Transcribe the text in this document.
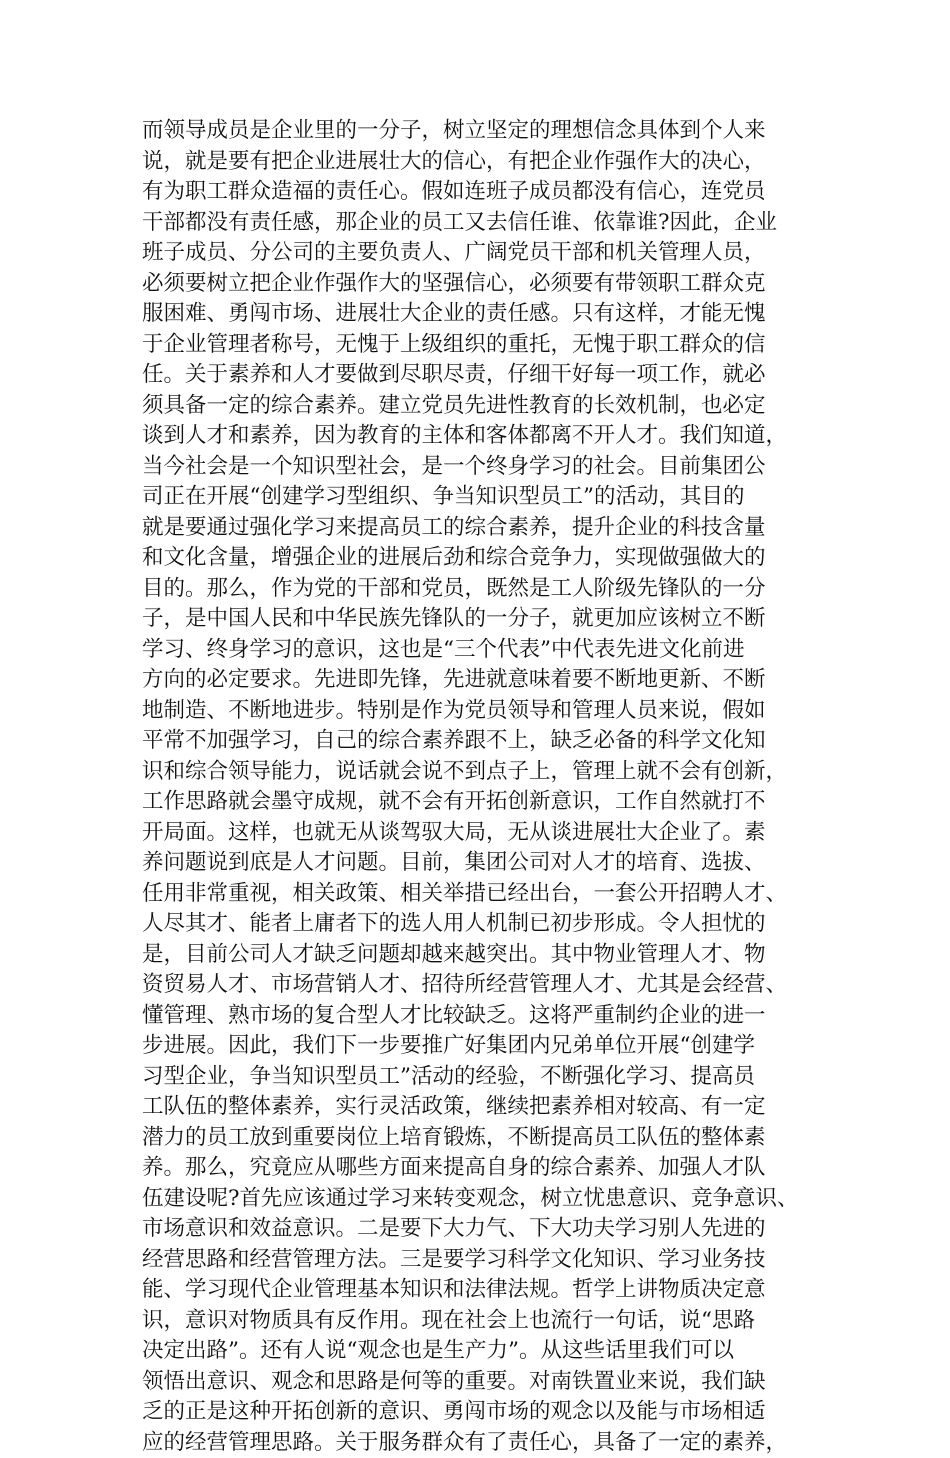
而领导成员是企业里的一分子，树立坚定的理想信念具体到个人来
说，就是要有把企业进展壮大的信心，有把企业作强作大的决心，
有为职工群众造福的责任心。假如连班子成员都没有信心，连党员
干部都没有责任感，那企业的员工又去信任谁、依靠谁?因此，企业
班子成员、分公司的主要负责人、广阔党员干部和机关管理人员，
必须要树立把企业作强作大的坚强信心，必须要有带领职工群众克
服困难、勇闯市场、进展壮大企业的责任感。只有这样，才能无愧
于企业管理者称号，无愧于上级组织的重托，无愧于职工群众的信
任。关于素养和人才要做到尽职尽责，仔细干好每一项工作，就必
须具备一定的综合素养。建立党员先进性教育的长效机制，也必定
谈到人才和素养，因为教育的主体和客体都离不开人才。我们知道，
当今社会是一个知识型社会，是一个终身学习的社会。目前集团公
司正在开展“创建学习型组织、争当知识型员工”的活动，其目的
就是要通过强化学习来提高员工的综合素养，提升企业的科技含量
和文化含量，增强企业的进展后劲和综合竞争力，实现做强做大的
目的。那么，作为党的干部和党员，既然是工人阶级先锋队的一分
子，是中国人民和中华民族先锋队的一分子，就更加应该树立不断
学习、终身学习的意识，这也是“三个代表”中代表先进文化前进
方向的必定要求。先进即先锋，先进就意味着要不断地更新、不断
地制造、不断地进步。特别是作为党员领导和管理人员来说，假如
平常不加强学习，自己的综合素养跟不上，缺乏必备的科学文化知
识和综合领导能力，说话就会说不到点子上，管理上就不会有创新，
工作思路就会墨守成规，就不会有开拓创新意识，工作自然就打不
开局面。这样，也就无从谈驾驭大局，无从谈进展壮大企业了。素
养问题说到底是人才问题。目前，集团公司对人才的培育、选拔、
任用非常重视，相关政策、相关举措已经出台，一套公开招聘人才、
人尽其才、能者上庸者下的选人用人机制已初步形成。令人担忧的
是，目前公司人才缺乏问题却越来越突出。其中物业管理人才、物
资贸易人才、市场营销人才、招待所经营管理人才、尤其是会经营、
懂管理、熟市场的复合型人才比较缺乏。这将严重制约企业的进一
步进展。因此，我们下一步要推广好集团内兄弟单位开展“创建学
习型企业，争当知识型员工”活动的经验，不断强化学习、提高员
工队伍的整体素养，实行灵活政策，继续把素养相对较高、有一定
潜力的员工放到重要岗位上培育锻炼，不断提高员工队伍的整体素
养。那么，究竟应从哪些方面来提高自身的综合素养、加强人才队
伍建设呢?首先应该通过学习来转变观念，树立忧患意识、竞争意识、
市场意识和效益意识。二是要下大力气、下大功夫学习别人先进的
经营思路和经营管理方法。三是要学习科学文化知识、学习业务技
能、学习现代企业管理基本知识和法律法规。哲学上讲物质决定意
识，意识对物质具有反作用。现在社会上也流行一句话，说“思路
决定出路”。还有人说“观念也是生产力”。从这些话里我们可以
领悟出意识、观念和思路是何等的重要。对南铁置业来说，我们缺
乏的正是这种开拓创新的意识、勇闯市场的观念以及能与市场相适
应的经营管理思路。关于服务群众有了责任心，具备了一定的素养，
